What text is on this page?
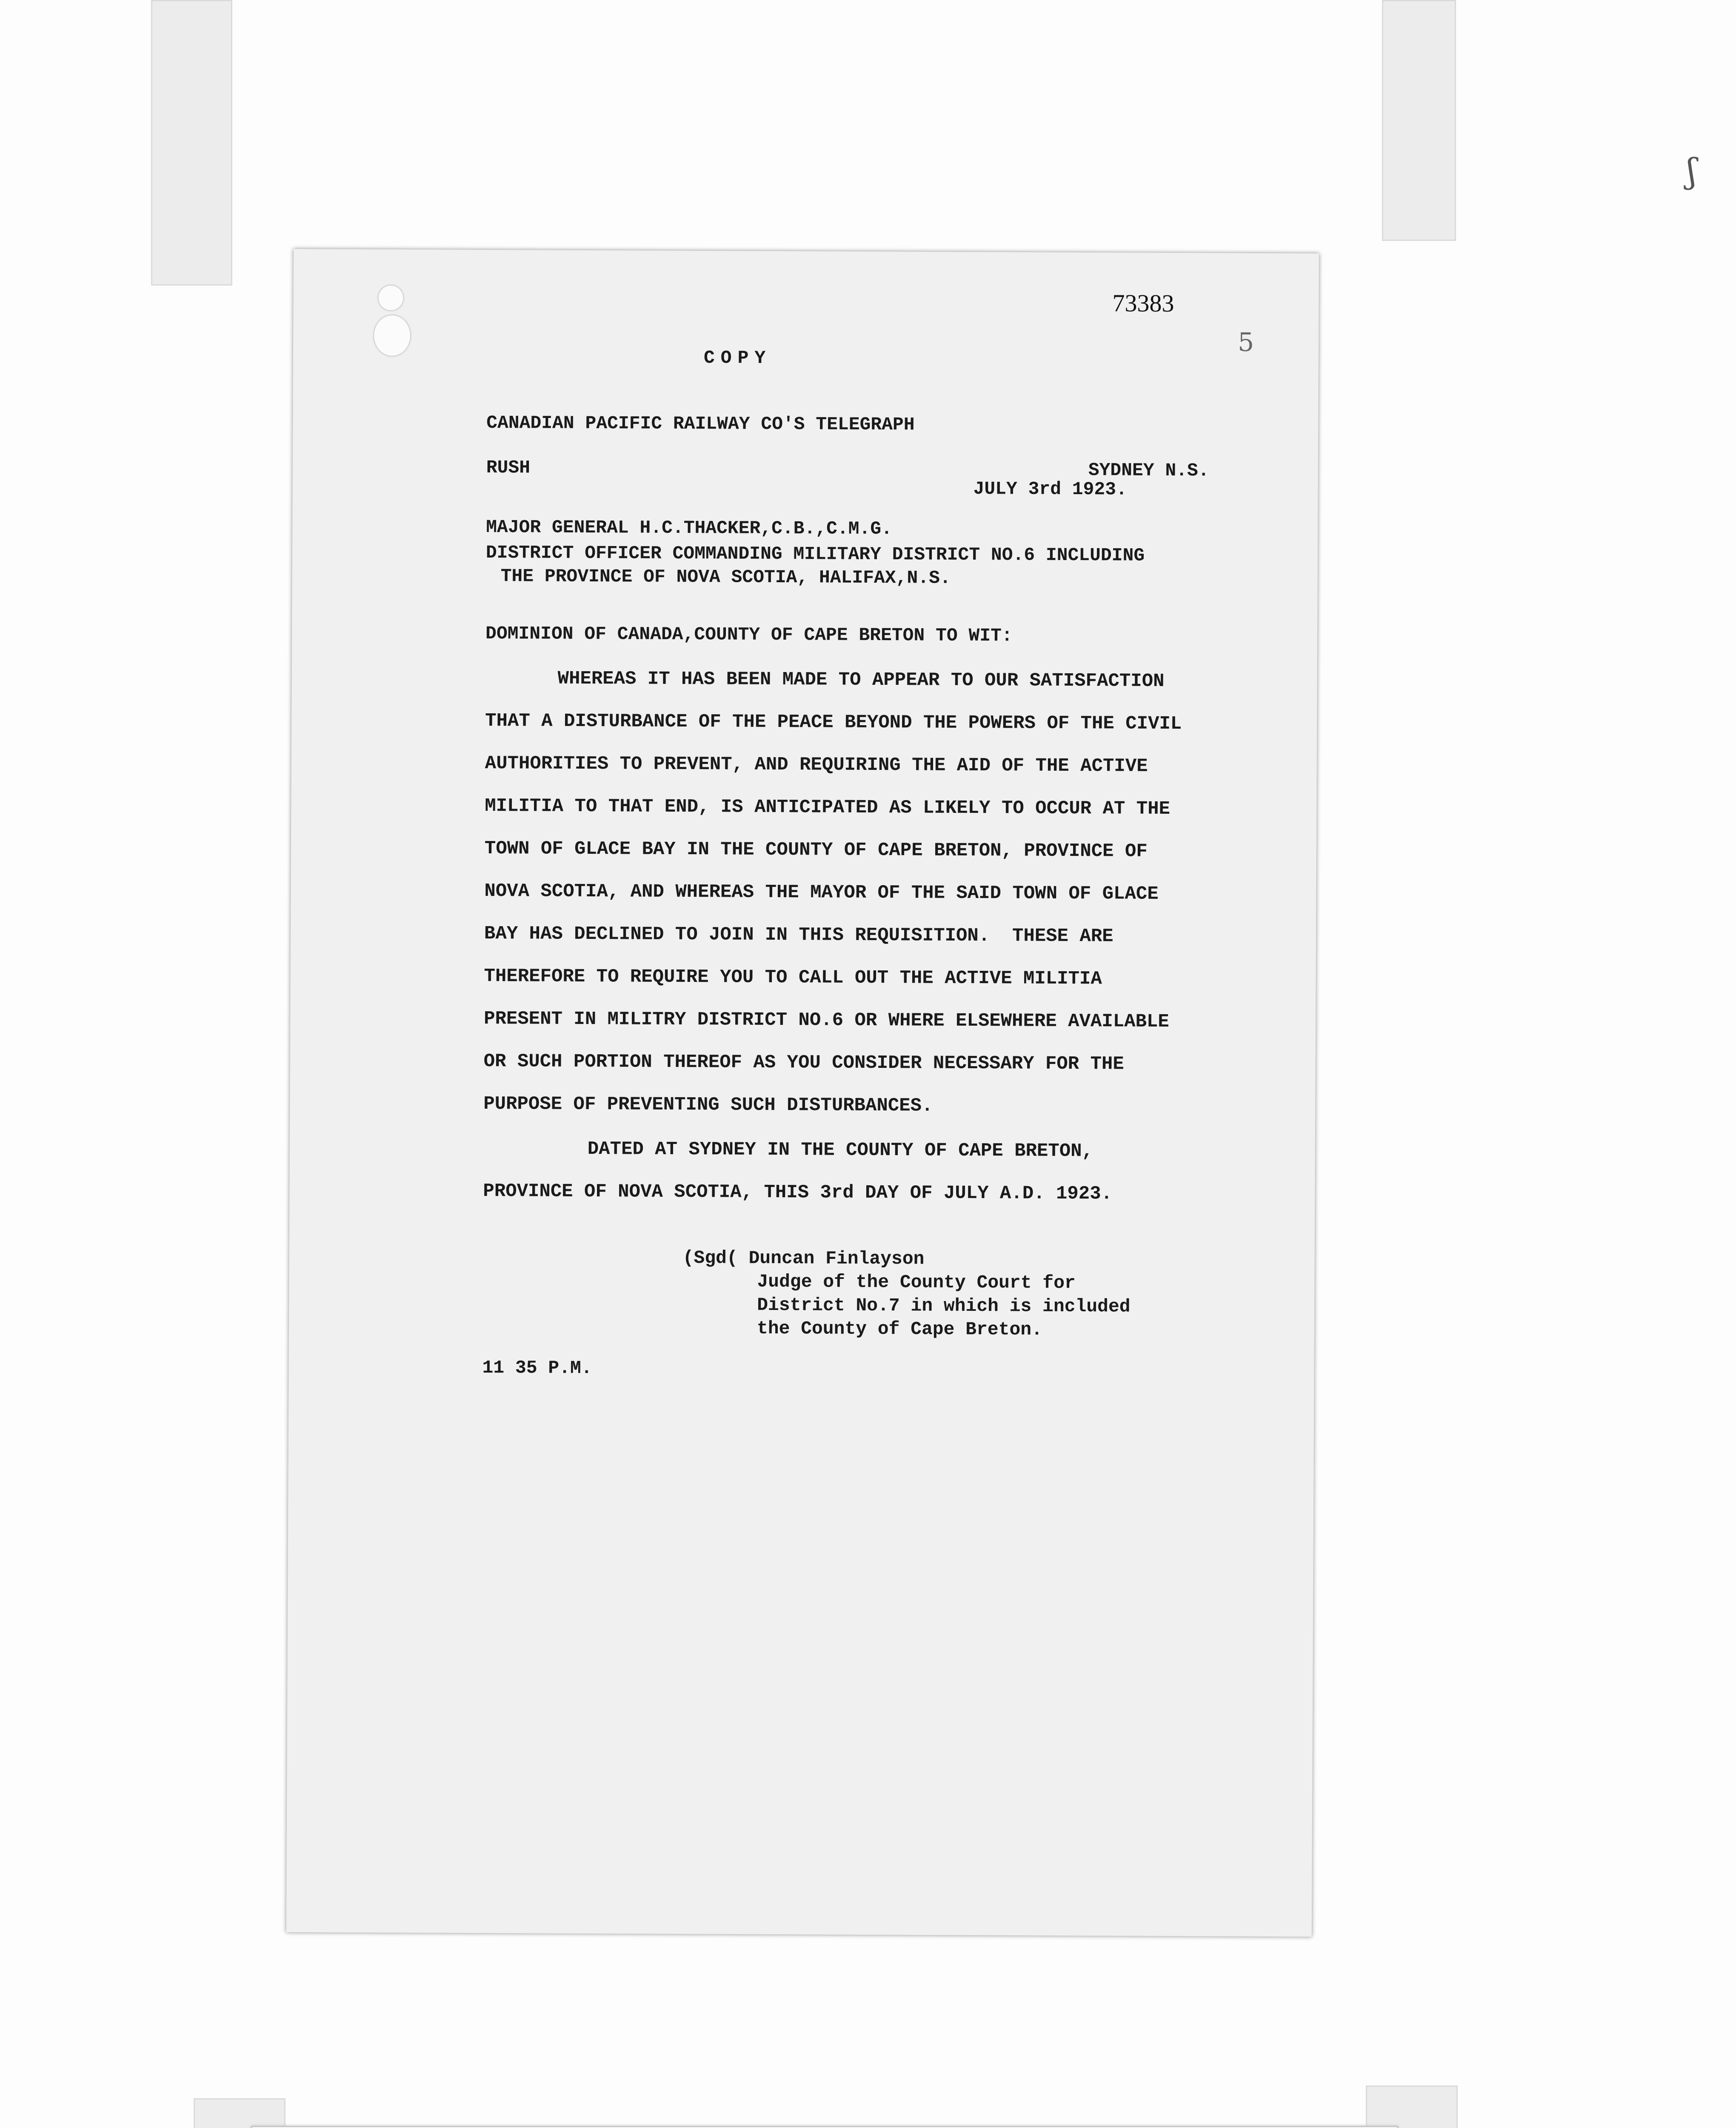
ʃ
73383
5
COPY
CANADIAN PACIFIC RAILWAY CO'S TELEGRAPH
RUSH	SYDNEY N.S.
JULY 3rd 1923.
MAJOR GENERAL H.C.THACKER,C.B.,C.M.G.
DISTRICT OFFICER COMMANDING MILITARY DISTRICT NO.6 INCLUDING
THE PROVINCE OF NOVA SCOTIA, HALIFAX,N.S.
DOMINION OF CANADA,COUNTY OF CAPE BRETON TO WIT:
WHEREAS IT HAS BEEN MADE TO APPEAR TO OUR SATISFACTION
THAT A DISTURBANCE OF THE PEACE BEYOND THE POWERS OF THE CIVIL
AUTHORITIES TO PREVENT, AND REQUIRING THE AID OF THE ACTIVE
MILITIA TO THAT END, IS ANTICIPATED AS LIKELY TO OCCUR AT THE
TOWN OF GLACE BAY IN THE COUNTY OF CAPE BRETON, PROVINCE OF
NOVA SCOTIA, AND WHEREAS THE MAYOR OF THE SAID TOWN OF GLACE
BAY HAS DECLINED TO JOIN IN THIS REQUISITION.  THESE ARE
THEREFORE TO REQUIRE YOU TO CALL OUT THE ACTIVE MILITIA
PRESENT IN MILITRY DISTRICT NO.6 OR WHERE ELSEWHERE AVAILABLE
OR SUCH PORTION THEREOF AS YOU CONSIDER NECESSARY FOR THE
PURPOSE OF PREVENTING SUCH DISTURBANCES.
DATED AT SYDNEY IN THE COUNTY OF CAPE BRETON,
PROVINCE OF NOVA SCOTIA, THIS 3rd DAY OF JULY A.D. 1923.
(Sgd( Duncan Finlayson
Judge of the County Court for
District No.7 in which is included
the County of Cape Breton.
11 35 P.M.
